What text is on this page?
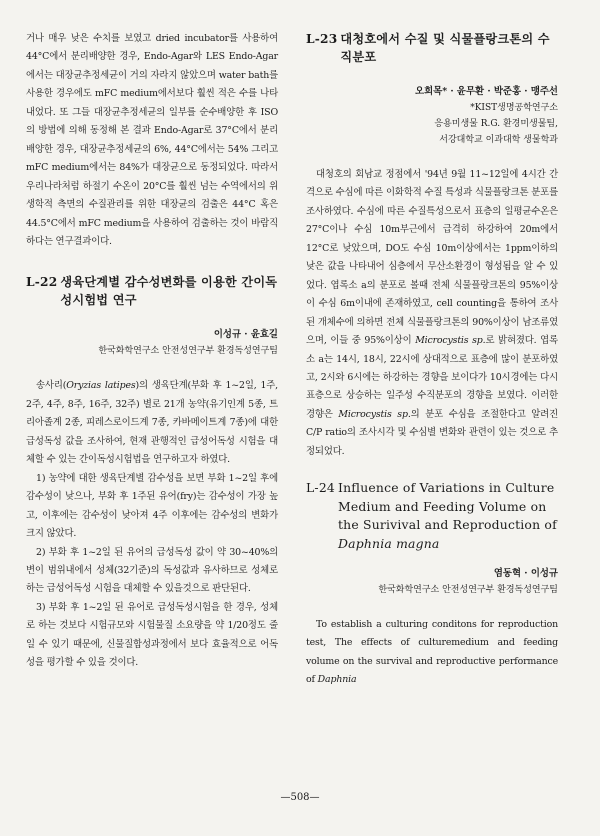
거나 매우 낮은 수치를 보였고 dried incubator를 사용하여 44°C에서 분리배양한 경우, Endo-Agar와 LES Endo-Agar에서는 대장균추정세균이 거의 자라지 않았으며 water bath를 사용한 경우에도 mFC medium에서보다 훨씬 적은 수를 나타내었다. 또 그들 대장균추정세균의 일부를 순수배양한 후 ISO의 방법에 의해 동정해 본 결과 Endo-Agar로 37°C에서 분리배양한 경우, 대장균추정세균의 6%, 44°C에서는 54% 그리고 mFC medium에서는 84%가 대장균으로 동정되었다. 따라서 우리나라처럼 하절기 수온이 20°C를 훨씬 넘는 수역에서의 위생학적 측면의 수질관리를 위한 대장균의 검출은 44°C 혹은 44.5°C에서 mFC medium을 사용하여 검출하는 것이 바람직하다는 연구결과이다.

L-22 생육단계별 감수성변화를 이용한 간이독성시험법 연구
이성규 · 윤효길
한국화학연구소 안전성연구부 환경독성연구팀

송사리(Oryzias latipes)의 생육단계(부화 후 1~2일, 1주, 2주, 4주, 8주, 16주, 32주) 별로 21개 농약(유기인계 5종, 트리아졸계 2종, 피레스로이드계 7종, 카바메이트계 7종)에 대한 급성독성 값을 조사하여, 현재 관행적인 급성어독성 시험을 대체할 수 있는 간이독성시험법을 연구하고자 하였다.

1) 농약에 대한 생육단계별 감수성을 보면 부화 1~2일 후에 감수성이 낮으나, 부화 후 1주된 유어(fry)는 감수성이 가장 높고, 이후에는 감수성이 낮아져 4주 이후에는 감수성의 변화가 크지 않았다.

2) 부화 후 1~2일 된 유어의 급성독성 값이 약 30~40%의 변이 범위내에서 성체(32기준)의 독성값과 유사하므로 성체로 하는 급성어독성 시험을 대체할 수 있을것으로 판단된다.

3) 부화 후 1~2일 된 유어로 급성독성시험을 한 경우, 성체로 하는 것보다 시험규모와 시험물질 소요량을 약 1/20정도 줄일 수 있기 때문에, 신물질합성과정에서 보다 효율적으로 어독성을 평가할 수 있을 것이다.

L-23 대청호에서 수질 및 식물플랑크톤의 수직분포
오희목* · 윤무환 · 박준홍 · 맹주선
*KIST생명공학연구소
응용미생물 R.G. 환경미생물팀,
서강대학교 이과대학 생물학과

대청호의 회남교 정점에서 '94년 9월 11~12일에 4시간 간격으로 수심에 따른 이화학적 수질 특성과 식물플랑크톤 분포를 조사하였다. 수심에 따른 수질특성으로서 표층의 일평균수온은 27°C이나 수심 10m부근에서 급격히 하강하여 20m에서 12°C로 낮았으며, DO도 수심 10m이상에서는 1ppm이하의 낮은 값을 나타내어 심층에서 무산소환경이 형성됨을 알 수 있었다. 엽록소 a의 분포로 볼때 전체 식물플랑크톤의 95%이상이 수심 6m이내에 존재하였고, cell counting을 통하여 조사된 개체수에 의하면 전체 식물플랑크톤의 90%이상이 남조류였으며, 이들 중 95%이상이 Microcystis sp.로 밝혀졌다. 엽록소 a는 14시, 18시, 22시에 상대적으로 표층에 많이 분포하였고, 2시와 6시에는 하강하는 경향을 보이다가 10시경에는 다시 표층으로 상승하는 일주성 수직분포의 경향을 보였다. 이러한 경향은 Microcystis sp.의 분포 수심을 조절한다고 알려진 C/P ratio의 조사시각 및 수심별 변화와 관련이 있는 것으로 추정되었다.

L-24 Influence of Variations in Culture Medium and Feeding Volume on the Surivival and Reproduction of Daphnia magna
염동혁 · 이성규
한국화학연구소 안전성연구부 환경독성연구팀

To establish a culturing conditons for reproduction test, The effects of culturemedium and feeding volume on the survival and reproductive performance of Daphnia

—508—
